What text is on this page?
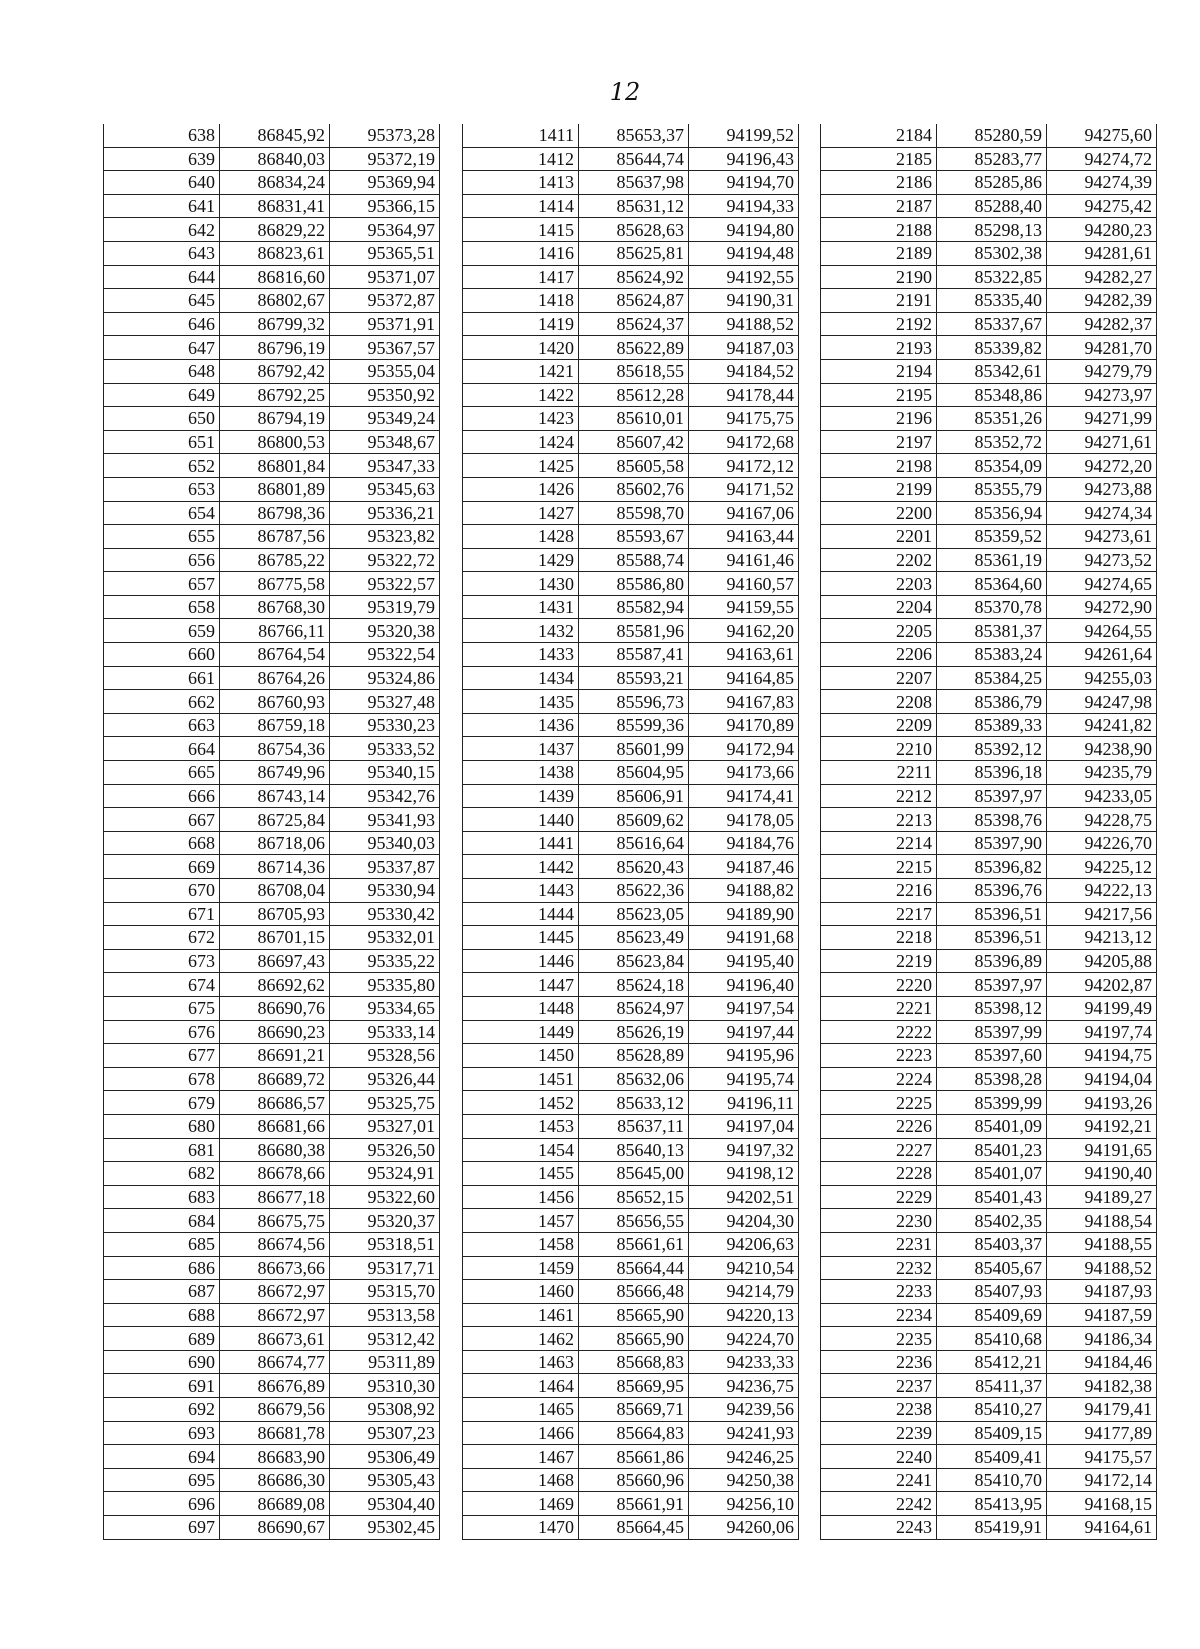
12
638	86845,92	95373,28
639	86840,03	95372,19
640	86834,24	95369,94
641	86831,41	95366,15
642	86829,22	95364,97
643	86823,61	95365,51
644	86816,60	95371,07
645	86802,67	95372,87
646	86799,32	95371,91
647	86796,19	95367,57
648	86792,42	95355,04
649	86792,25	95350,92
650	86794,19	95349,24
651	86800,53	95348,67
652	86801,84	95347,33
653	86801,89	95345,63
654	86798,36	95336,21
655	86787,56	95323,82
656	86785,22	95322,72
657	86775,58	95322,57
658	86768,30	95319,79
659	86766,11	95320,38
660	86764,54	95322,54
661	86764,26	95324,86
662	86760,93	95327,48
663	86759,18	95330,23
664	86754,36	95333,52
665	86749,96	95340,15
666	86743,14	95342,76
667	86725,84	95341,93
668	86718,06	95340,03
669	86714,36	95337,87
670	86708,04	95330,94
671	86705,93	95330,42
672	86701,15	95332,01
673	86697,43	95335,22
674	86692,62	95335,80
675	86690,76	95334,65
676	86690,23	95333,14
677	86691,21	95328,56
678	86689,72	95326,44
679	86686,57	95325,75
680	86681,66	95327,01
681	86680,38	95326,50
682	86678,66	95324,91
683	86677,18	95322,60
684	86675,75	95320,37
685	86674,56	95318,51
686	86673,66	95317,71
687	86672,97	95315,70
688	86672,97	95313,58
689	86673,61	95312,42
690	86674,77	95311,89
691	86676,89	95310,30
692	86679,56	95308,92
693	86681,78	95307,23
694	86683,90	95306,49
695	86686,30	95305,43
696	86689,08	95304,40
697	86690,67	95302,45
1411	85653,37	94199,52
1412	85644,74	94196,43
1413	85637,98	94194,70
1414	85631,12	94194,33
1415	85628,63	94194,80
1416	85625,81	94194,48
1417	85624,92	94192,55
1418	85624,87	94190,31
1419	85624,37	94188,52
1420	85622,89	94187,03
1421	85618,55	94184,52
1422	85612,28	94178,44
1423	85610,01	94175,75
1424	85607,42	94172,68
1425	85605,58	94172,12
1426	85602,76	94171,52
1427	85598,70	94167,06
1428	85593,67	94163,44
1429	85588,74	94161,46
1430	85586,80	94160,57
1431	85582,94	94159,55
1432	85581,96	94162,20
1433	85587,41	94163,61
1434	85593,21	94164,85
1435	85596,73	94167,83
1436	85599,36	94170,89
1437	85601,99	94172,94
1438	85604,95	94173,66
1439	85606,91	94174,41
1440	85609,62	94178,05
1441	85616,64	94184,76
1442	85620,43	94187,46
1443	85622,36	94188,82
1444	85623,05	94189,90
1445	85623,49	94191,68
1446	85623,84	94195,40
1447	85624,18	94196,40
1448	85624,97	94197,54
1449	85626,19	94197,44
1450	85628,89	94195,96
1451	85632,06	94195,74
1452	85633,12	94196,11
1453	85637,11	94197,04
1454	85640,13	94197,32
1455	85645,00	94198,12
1456	85652,15	94202,51
1457	85656,55	94204,30
1458	85661,61	94206,63
1459	85664,44	94210,54
1460	85666,48	94214,79
1461	85665,90	94220,13
1462	85665,90	94224,70
1463	85668,83	94233,33
1464	85669,95	94236,75
1465	85669,71	94239,56
1466	85664,83	94241,93
1467	85661,86	94246,25
1468	85660,96	94250,38
1469	85661,91	94256,10
1470	85664,45	94260,06
2184	85280,59	94275,60
2185	85283,77	94274,72
2186	85285,86	94274,39
2187	85288,40	94275,42
2188	85298,13	94280,23
2189	85302,38	94281,61
2190	85322,85	94282,27
2191	85335,40	94282,39
2192	85337,67	94282,37
2193	85339,82	94281,70
2194	85342,61	94279,79
2195	85348,86	94273,97
2196	85351,26	94271,99
2197	85352,72	94271,61
2198	85354,09	94272,20
2199	85355,79	94273,88
2200	85356,94	94274,34
2201	85359,52	94273,61
2202	85361,19	94273,52
2203	85364,60	94274,65
2204	85370,78	94272,90
2205	85381,37	94264,55
2206	85383,24	94261,64
2207	85384,25	94255,03
2208	85386,79	94247,98
2209	85389,33	94241,82
2210	85392,12	94238,90
2211	85396,18	94235,79
2212	85397,97	94233,05
2213	85398,76	94228,75
2214	85397,90	94226,70
2215	85396,82	94225,12
2216	85396,76	94222,13
2217	85396,51	94217,56
2218	85396,51	94213,12
2219	85396,89	94205,88
2220	85397,97	94202,87
2221	85398,12	94199,49
2222	85397,99	94197,74
2223	85397,60	94194,75
2224	85398,28	94194,04
2225	85399,99	94193,26
2226	85401,09	94192,21
2227	85401,23	94191,65
2228	85401,07	94190,40
2229	85401,43	94189,27
2230	85402,35	94188,54
2231	85403,37	94188,55
2232	85405,67	94188,52
2233	85407,93	94187,93
2234	85409,69	94187,59
2235	85410,68	94186,34
2236	85412,21	94184,46
2237	85411,37	94182,38
2238	85410,27	94179,41
2239	85409,15	94177,89
2240	85409,41	94175,57
2241	85410,70	94172,14
2242	85413,95	94168,15
2243	85419,91	94164,61
